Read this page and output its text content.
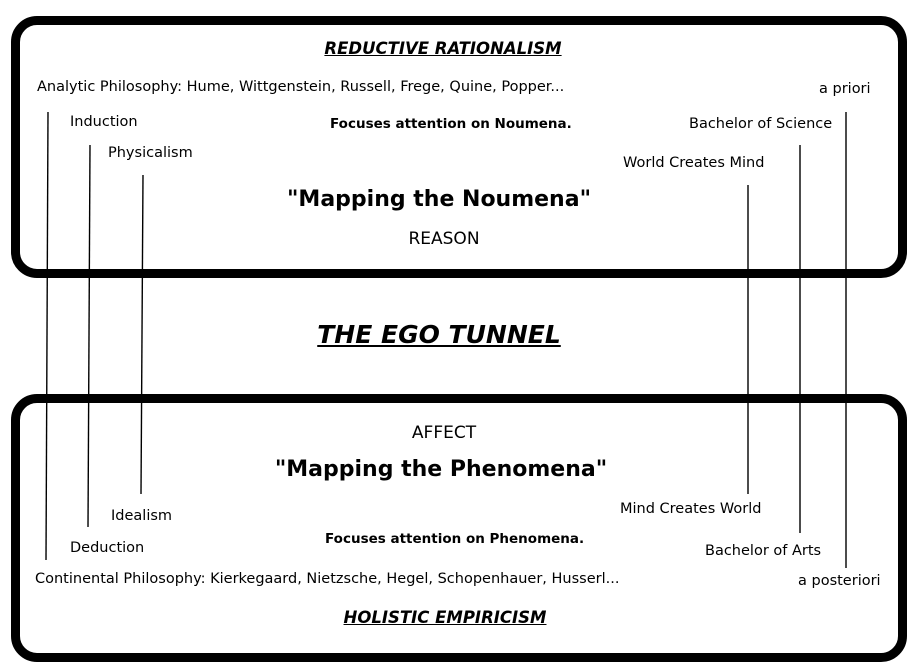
REDUCTIVE RATIONALISM
Analytic Philosophy: Hume, Wittgenstein, Russell, Frege, Quine, Popper...	a priori
Induction	Focuses attention on Noumena.	Bachelor of Science
Physicalism
World Creates Mind
"Mapping the Noumena"
REASON
THE EGO TUNNEL
AFFECT
"Mapping the Phenomena"
Mind Creates World
Idealism
Focuses attention on Phenomena.
Deduction	Bachelor of Arts
Continental Philosophy: Kierkegaard, Nietzsche, Hegel, Schopenhauer, Husserl...	a posteriori
HOLISTIC EMPIRICISM
